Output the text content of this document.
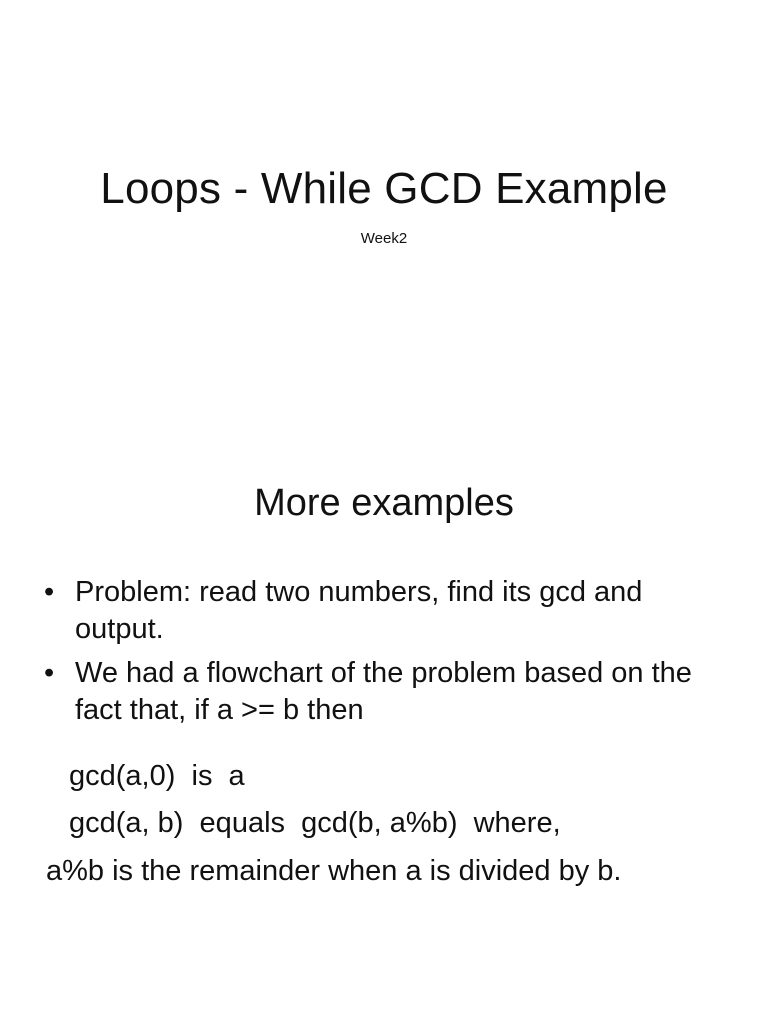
Loops - While GCD Example

Week2

More examples
• Problem: read two numbers, find its gcd and output.
• We had a flowchart of the problem based on the fact that, if a >= b then
gcd(a,0)  is  a
gcd(a, b)  equals  gcd(b, a%b)  where,
a%b is the remainder when a is divided by b.
